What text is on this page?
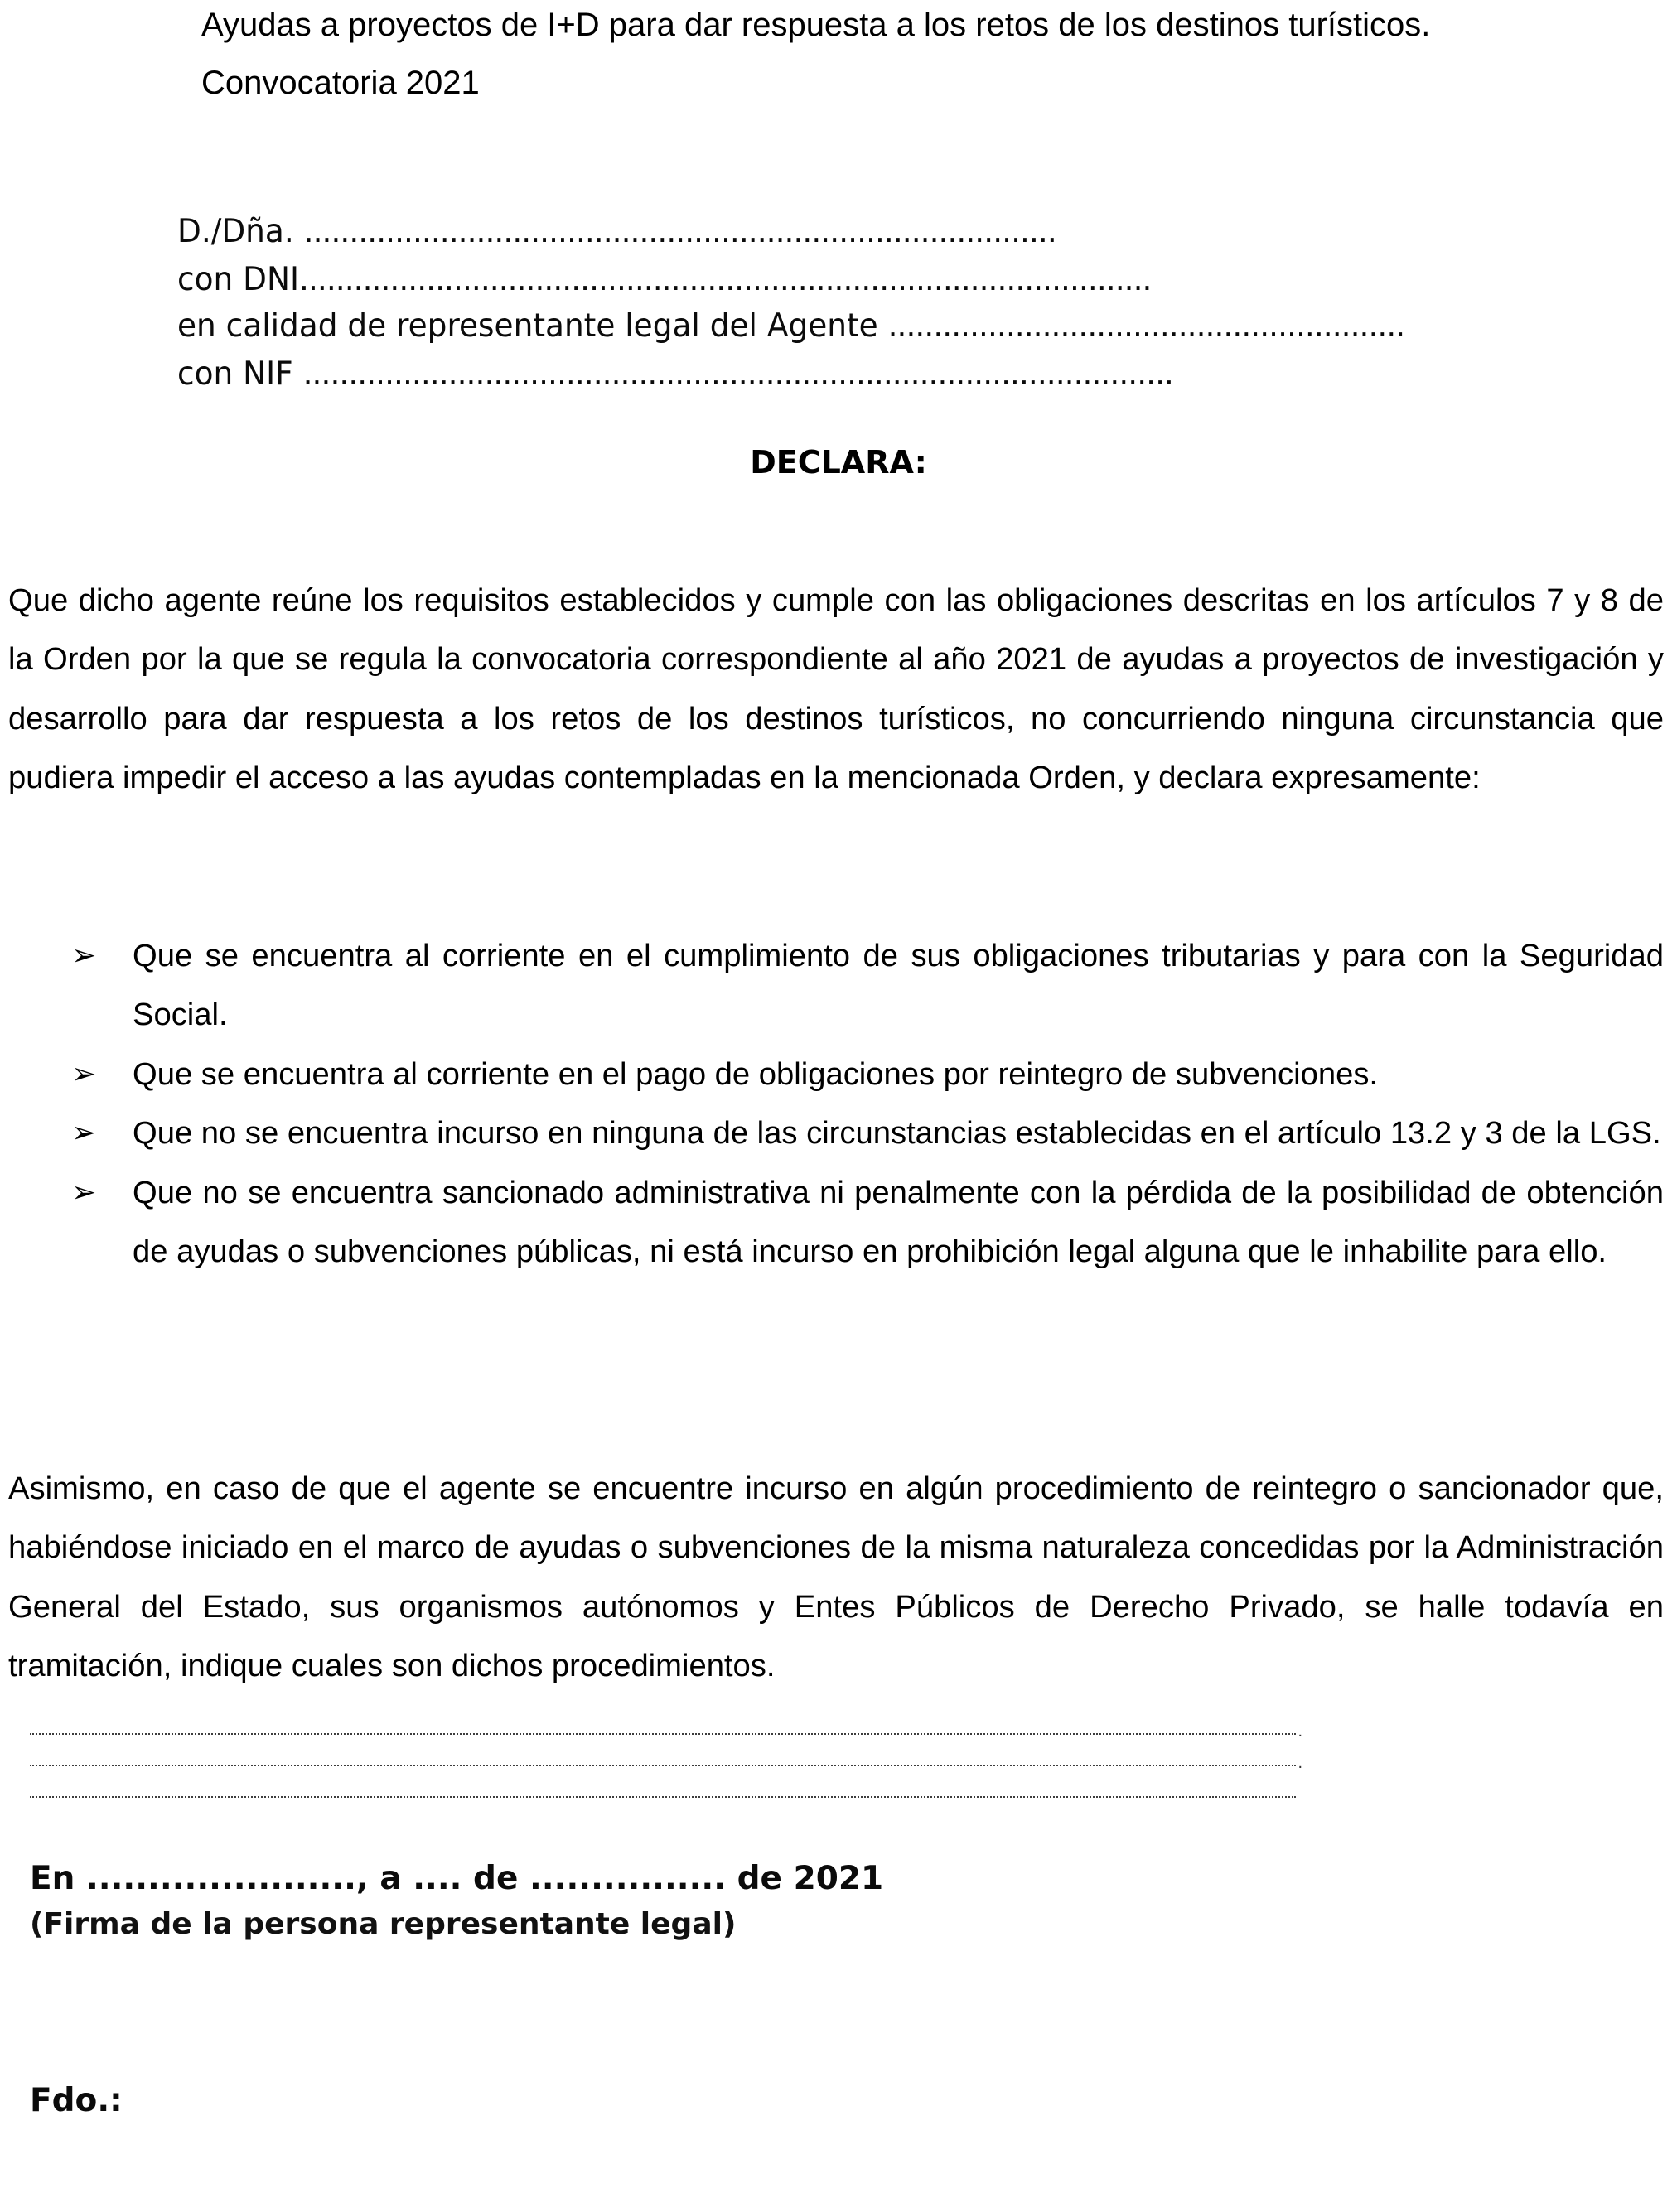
Ayudas a proyectos de I+D para dar respuesta a los retos de los destinos turísticos.
Convocatoria 2021
D./Dña. ...................................................................................
con DNI..............................................................................................
en calidad de representante legal del Agente .........................................................
con NIF ................................................................................................
DECLARA:

Que dicho agente reúne los requisitos establecidos y cumple con las obligaciones descritas en los artículos 7 y 8 de la Orden por la que se regula la convocatoria correspondiente al año 2021 de ayudas a proyectos de investigación y desarrollo para dar respuesta a los retos de los destinos turísticos, no concurriendo ninguna circunstancia que pudiera impedir el acceso a las ayudas contempladas en la mencionada Orden, y declara expresamente:

➢ Que se encuentra al corriente en el cumplimiento de sus obligaciones tributarias y para con la Seguridad Social.
➢ Que se encuentra al corriente en el pago de obligaciones por reintegro de subvenciones.
➢ Que no se encuentra incurso en ninguna de las circunstancias establecidas en el artículo 13.2 y 3 de la LGS.
➢ Que no se encuentra sancionado administrativa ni penalmente con la pérdida de la posibilidad de obtención de ayudas o subvenciones públicas, ni está incurso en prohibición legal alguna que le inhabilite para ello.

Asimismo, en caso de que el agente se encuentre incurso en algún procedimiento de reintegro o sancionador que, habiéndose iniciado en el marco de ayudas o subvenciones de la misma naturaleza concedidas por la Administración General del Estado, sus organismos autónomos y Entes Públicos de Derecho Privado, se halle todavía en tramitación, indique cuales son dichos procedimientos.

.
.
En ......................, a .... de ................ de 2021
(Firma de la persona representante legal)
Fdo.:
